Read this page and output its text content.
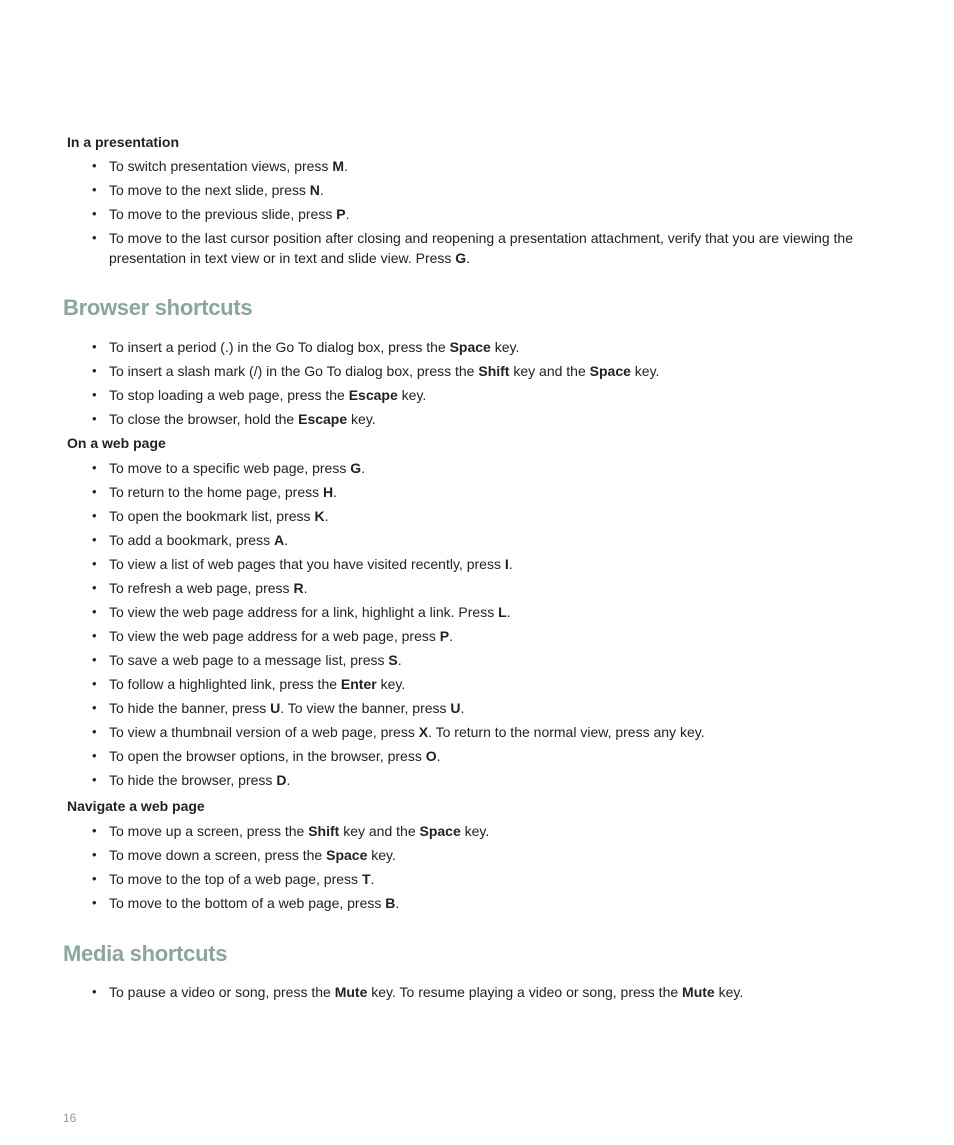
In a presentation

• To switch presentation views, press M.
• To move to the next slide, press N.
• To move to the previous slide, press P.
• To move to the last cursor position after closing and reopening a presentation attachment, verify that you are viewing the presentation in text view or in text and slide view. Press G.
Browser shortcuts
• To insert a period (.) in the Go To dialog box, press the Space key.
• To insert a slash mark (/) in the Go To dialog box, press the Shift key and the Space key.
• To stop loading a web page, press the Escape key.
• To close the browser, hold the Escape key.

On a web page

• To move to a specific web page, press G.
• To return to the home page, press H.
• To open the bookmark list, press K.
• To add a bookmark, press A.
• To view a list of web pages that you have visited recently, press I.
• To refresh a web page, press R.
• To view the web page address for a link, highlight a link. Press L.
• To view the web page address for a web page, press P.
• To save a web page to a message list, press S.
• To follow a highlighted link, press the Enter key.
• To hide the banner, press U. To view the banner, press U.
• To view a thumbnail version of a web page, press X. To return to the normal view, press any key.
• To open the browser options, in the browser, press O.
• To hide the browser, press D.

Navigate a web page

• To move up a screen, press the Shift key and the Space key.
• To move down a screen, press the Space key.
• To move to the top of a web page, press T.
• To move to the bottom of a web page, press B.
Media shortcuts
• To pause a video or song, press the Mute key. To resume playing a video or song, press the Mute key.
16
